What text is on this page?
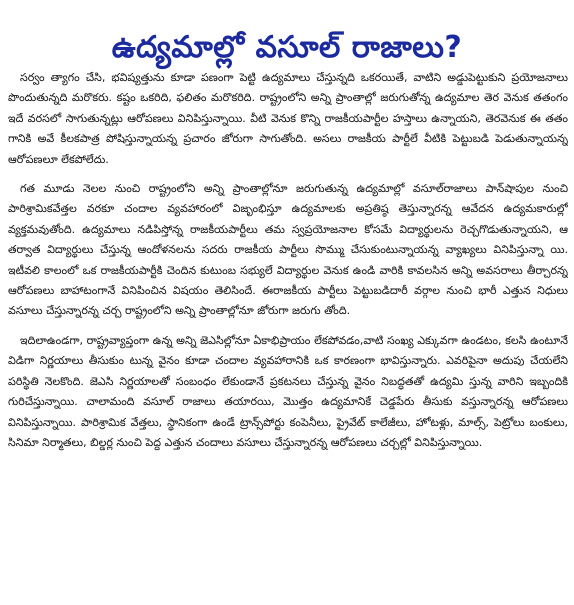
ఉద్యమాల్లో వసూల్ రాజాలు?

సర్వం త్యాగం చేసి, భవిష్యత్తును కూడా పణంగా పెట్టి ఉద్యమాలు చేస్తున్నది ఒకరయితే, వాటిని అడ్డుపెట్టుకుని ప్రయోజనాలు పొందుతున్నది మరొకరు. కష్టం ఒకరిది, ఫలితం మరొకరిది. రాష్ట్రంలోని అన్ని ప్రాంతాల్లో జరుగుతోన్న ఉద్యమాల తెర వెనుక తతంగం ఇదే వరసలో సాగుతున్నట్లు ఆరోపణలు వినిపిస్తున్నాయి. వీటి వెనుక కొన్ని రాజకీయపార్టీల హస్తాలు ఉన్నాయని, తెరవెనుక ఈ తతం గానికి అవే కీలకపాత్ర పోషిస్తున్నాయన్న ప్రచారం జోరుగా సాగుతోంది. అసలు రాజకీయ పార్టీలే వీటికి పెట్టుబడి పెడుతున్నాయన్న ఆరోపణలూ లేకపోలేదు.

గత మూడు నెలల నుంచి రాష్ట్రంలోని అన్ని ప్రాంతాల్లోనూ జరుగుతున్న ఉద్యమాల్లో వసూల్‌రాజాలు పాన్‌షాపుల నుంచి పారిశ్రామికవేత్తల వరకూ చందాల వ్యవహారంలో విజృంభిస్తూ ఉద్యమాలకు అప్రతిష్ఠ తెస్తున్నారన్న ఆవేదన ఉద్యమకారుల్లో వ్యక్తమవుతోంది. ఉద్యమాలు నడిపిస్తోన్న రాజకీయపార్టీలు తమ స్వప్రయోజనాల కోసమే విద్యార్థులను రెచ్చగొడుతున్నాయని, ఆ తర్వాత విద్యార్థులు చేస్తున్న ఆందోళనలను సదరు రాజకీయ పార్టీలు సొమ్ము చేసుకుంటున్నాయన్న వ్యాఖ్యలు వినిపిస్తున్నా యి. ఇటీవలి కాలంలో ఒక రాజకీయపార్టీకి చెందిన కుటుంబ సభ్యులే విద్యార్థుల వెనుక ఉండి వారికి కావలసిన అన్ని అవసరాలు తీర్చారన్న ఆరోపణలు బాహాటంగానే వినిపించిన విషయం తెలిసిందే. ఈరాజకీయ పార్టీలు పెట్టుబడిదారీ వర్గాల నుంచి భారీ ఎత్తున నిధులు వసూలు చేస్తున్నారన్న చర్చ రాష్ట్రంలోని అన్ని ప్రాంతాల్లోనూ జోరుగా జరుగు తోంది.

ఇదిలాఉండగా, రాష్ట్రవ్యాప్తంగా ఉన్న అన్ని జెఎసిల్లోనూ ఏకాభిప్రాయం లేకపోవడం,వాటి సంఖ్య ఎక్కువగా ఉండటం, కలసి ఉంటూనే విడిగా నిర్ణయాలు తీసుకుం టున్న వైనం కూడా చందాల వ్యవహారానికి ఒక కారణంగా భావిస్తున్నారు. ఎవరిపైనా అదుపు చేయలేని పరిస్థితి నెలకొంది. జెఎసి నిర్ణయాలతో సంబంధం లేకుండానే ప్రకటనలు చేస్తున్న వైనం నిబద్ధతతో ఉద్యమి స్తున్న వారిని ఇబ్బందికి గురిచేస్తున్నాయి. చాలామంది వసూల్ రాజాలు తయారయి, మొత్తం ఉద్యమానికే చెడ్డపేరు తీసుకు వస్తున్నారన్న ఆరోపణలు వినిపిస్తున్నాయి. పారిశ్రామిక వేత్తలు, స్థానికంగా ఉండే ట్రాన్స్‌పోర్టు కంపెనీలు, ప్రైవేట్ కాలేజీలు, హోటళ్లు, మాల్స్, పెట్రోలు బంకులు, సినిమా నిర్మాతలు, బిల్డర్ల నుంచి పెద్ద ఎత్తున చందాలు వసూలు చేస్తున్నారన్న ఆరోపణలు చర్చల్లో వినిపిస్తున్నాయి.
